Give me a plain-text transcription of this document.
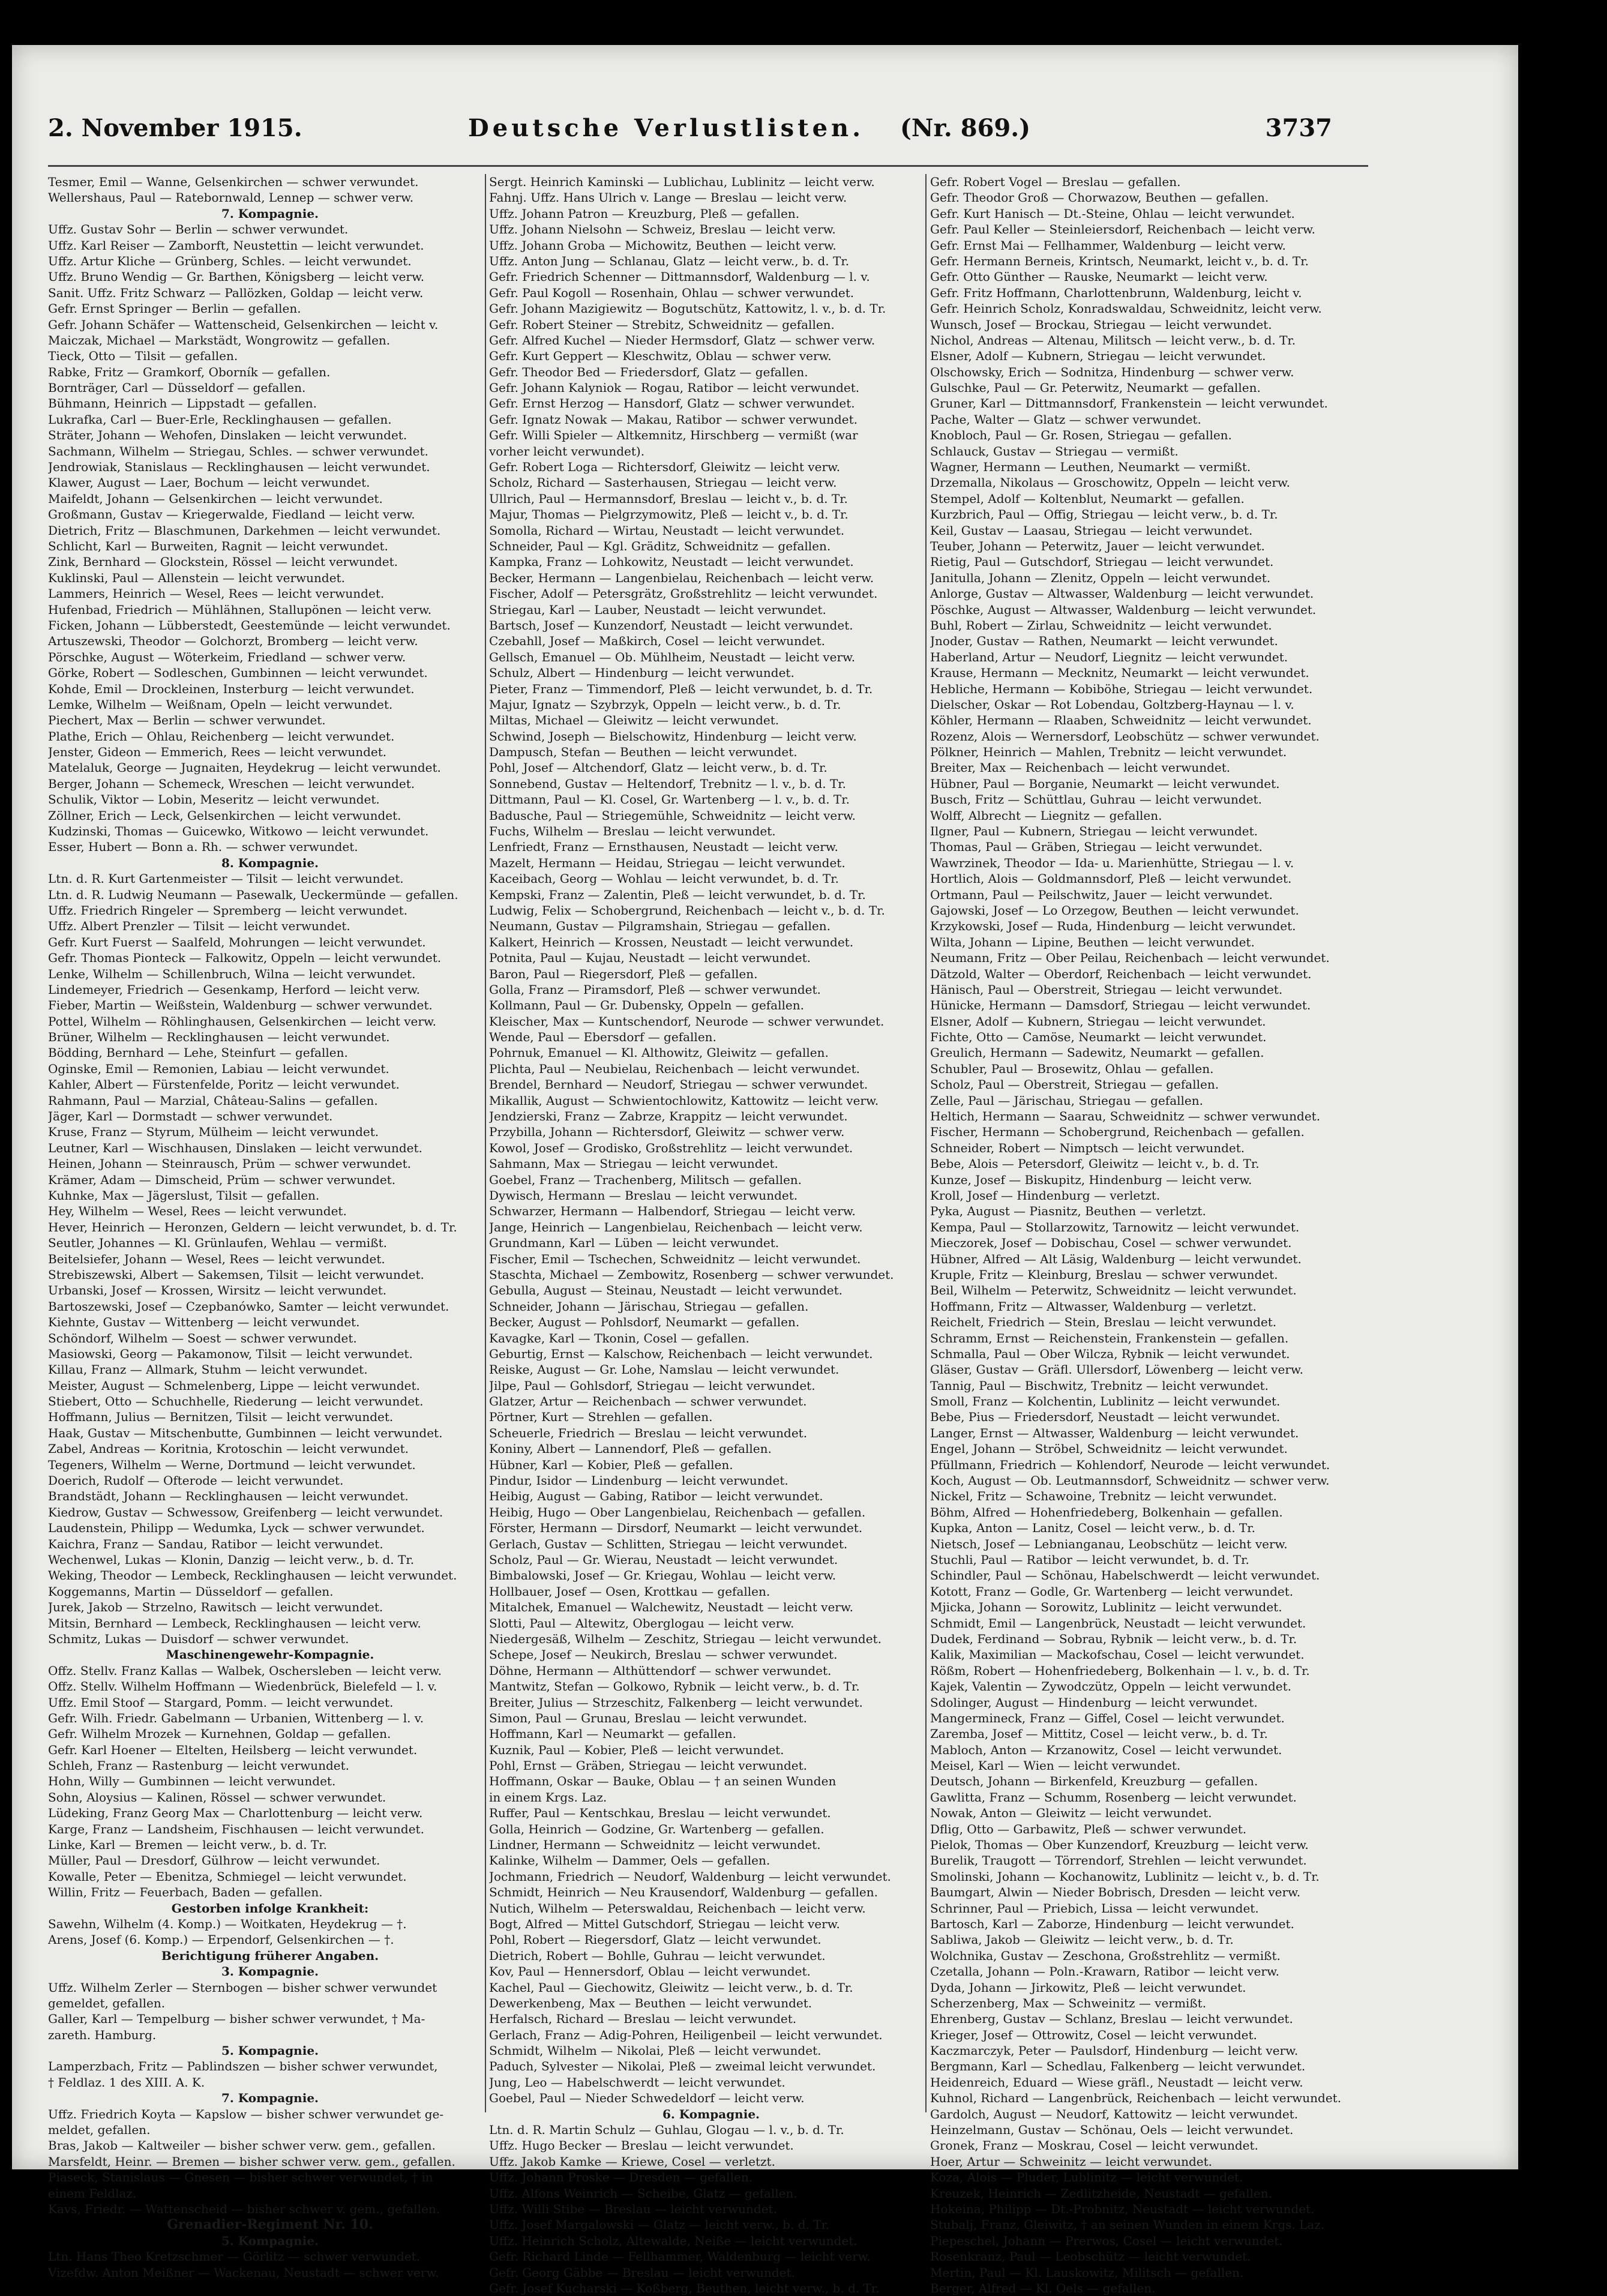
2. November 1915.	Deutsche Verlustlisten. (Nr. 869.)	3737
Tesmer, Emil — Wanne, Gelsenkirchen — schwer verwundet.
Wellershaus, Paul — Ratebornwald, Lennep — schwer verw.
7. Kompagnie.
Uffz. Gustav Sohr — Berlin — schwer verwundet.
Uffz. Karl Reiser — Zamborft, Neustettin — leicht verwundet.
Uffz. Artur Kliche — Grünberg, Schles. — leicht verwundet.
Uffz. Bruno Wendig — Gr. Barthen, Königsberg — leicht verw.
Sanit. Uffz. Fritz Schwarz — Pallözken, Goldap — leicht verw.
Gefr. Ernst Springer — Berlin — gefallen.
Gefr. Johann Schäfer — Wattenscheid, Gelsenkirchen — leicht v.
Maiczak, Michael — Markstädt, Wongrowitz — gefallen.
Tieck, Otto — Tilsit — gefallen.
Rabke, Fritz — Gramkorf, Oborník — gefallen.
Bornträger, Carl — Düsseldorf — gefallen.
Bühmann, Heinrich — Lippstadt — gefallen.
Lukrafka, Carl — Buer-Erle, Recklinghausen — gefallen.
Sträter, Johann — Wehofen, Dinslaken — leicht verwundet.
Sachmann, Wilhelm — Striegau, Schles. — schwer verwundet.
Jendrowiak, Stanislaus — Recklinghausen — leicht verwundet.
Klawer, August — Laer, Bochum — leicht verwundet.
Maifeldt, Johann — Gelsenkirchen — leicht verwundet.
Großmann, Gustav — Kriegerwalde, Fiedland — leicht verw.
Dietrich, Fritz — Blaschmunen, Darkehmen — leicht verwundet.
Schlicht, Karl — Burweiten, Ragnit — leicht verwundet.
Zink, Bernhard — Glockstein, Rössel — leicht verwundet.
Kuklinski, Paul — Allenstein — leicht verwundet.
Lammers, Heinrich — Wesel, Rees — leicht verwundet.
Hufenbad, Friedrich — Mühlähnen, Stallupönen — leicht verw.
Ficken, Johann — Lübberstedt, Geestemünde — leicht verwundet.
Artuszewski, Theodor — Golchorzt, Bromberg — leicht verw.
Pörschke, August — Wöterkeim, Friedland — schwer verw.
Görke, Robert — Sodleschen, Gumbinnen — leicht verwundet.
Kohde, Emil — Drockleinen, Insterburg — leicht verwundet.
Lemke, Wilhelm — Weißnam, Opeln — leicht verwundet.
Piechert, Max — Berlin — schwer verwundet.
Plathe, Erich — Ohlau, Reichenberg — leicht verwundet.
Jenster, Gideon — Emmerich, Rees — leicht verwundet.
Matelaluk, George — Jugnaiten, Heydekrug — leicht verwundet.
Berger, Johann — Schemeck, Wreschen — leicht verwundet.
Schulik, Viktor — Lobin, Meseritz — leicht verwundet.
Zöllner, Erich — Leck, Gelsenkirchen — leicht verwundet.
Kudzinski, Thomas — Guicewko, Witkowo — leicht verwundet.
Esser, Hubert — Bonn a. Rh. — schwer verwundet.
8. Kompagnie.
Ltn. d. R. Kurt Gartenmeister — Tilsit — leicht verwundet.
Ltn. d. R. Ludwig Neumann — Pasewalk, Ueckermünde — gefallen.
Uffz. Friedrich Ringeler — Spremberg — leicht verwundet.
Uffz. Albert Prenzler — Tilsit — leicht verwundet.
Gefr. Kurt Fuerst — Saalfeld, Mohrungen — leicht verwundet.
Gefr. Thomas Pionteck — Falkowitz, Oppeln — leicht verwundet.
Lenke, Wilhelm — Schillenbruch, Wilna — leicht verwundet.
Lindemeyer, Friedrich — Gesenkamp, Herford — leicht verw.
Fieber, Martin — Weißstein, Waldenburg — schwer verwundet.
Pottel, Wilhelm — Röhlinghausen, Gelsenkirchen — leicht verw.
Brüner, Wilhelm — Recklinghausen — leicht verwundet.
Bödding, Bernhard — Lehe, Steinfurt — gefallen.
Oginske, Emil — Remonien, Labiau — leicht verwundet.
Kahler, Albert — Fürstenfelde, Poritz — leicht verwundet.
Rahmann, Paul — Marzial, Château-Salins — gefallen.
Jäger, Karl — Dormstadt — schwer verwundet.
Kruse, Franz — Styrum, Mülheim — leicht verwundet.
Leutner, Karl — Wischhausen, Dinslaken — leicht verwundet.
Heinen, Johann — Steinrausch, Prüm — schwer verwundet.
Krämer, Adam — Dimscheid, Prüm — schwer verwundet.
Kuhnke, Max — Jägerslust, Tilsit — gefallen.
Hey, Wilhelm — Wesel, Rees — leicht verwundet.
Hever, Heinrich — Heronzen, Geldern — leicht verwundet, b. d. Tr.
Seutler, Johannes — Kl. Grünlaufen, Wehlau — vermißt.
Beitelsiefer, Johann — Wesel, Rees — leicht verwundet.
Strebiszewski, Albert — Sakemsen, Tilsit — leicht verwundet.
Urbanski, Josef — Krossen, Wirsitz — leicht verwundet.
Bartoszewski, Josef — Czepbanówko, Samter — leicht verwundet.
Kiehnte, Gustav — Wittenberg — leicht verwundet.
Schöndorf, Wilhelm — Soest — schwer verwundet.
Masiowski, Georg — Pakamonow, Tilsit — leicht verwundet.
Killau, Franz — Allmark, Stuhm — leicht verwundet.
Meister, August — Schmelenberg, Lippe — leicht verwundet.
Stiebert, Otto — Schuchhelle, Riederung — leicht verwundet.
Hoffmann, Julius — Bernitzen, Tilsit — leicht verwundet.
Haak, Gustav — Mitschenbutte, Gumbinnen — leicht verwundet.
Zabel, Andreas — Koritnia, Krotoschin — leicht verwundet.
Tegeners, Wilhelm — Werne, Dortmund — leicht verwundet.
Doerich, Rudolf — Ofterode — leicht verwundet.
Brandstädt, Johann — Recklinghausen — leicht verwundet.
Kiedrow, Gustav — Schwessow, Greifenberg — leicht verwundet.
Laudenstein, Philipp — Wedumka, Lyck — schwer verwundet.
Kaichra, Franz — Sandau, Ratibor — leicht verwundet.
Wechenwel, Lukas — Klonin, Danzig — leicht verw., b. d. Tr.
Weking, Theodor — Lembeck, Recklinghausen — leicht verwundet.
Koggemanns, Martin — Düsseldorf — gefallen.
Jurek, Jakob — Strzelno, Rawitsch — leicht verwundet.
Mitsin, Bernhard — Lembeck, Recklinghausen — leicht verw.
Schmitz, Lukas — Duisdorf — schwer verwundet.
Maschinengewehr-Kompagnie.
Offz. Stellv. Franz Kallas — Walbek, Oschersleben — leicht verw.
Offz. Stellv. Wilhelm Hoffmann — Wiedenbrück, Bielefeld — l. v.
Uffz. Emil Stoof — Stargard, Pomm. — leicht verwundet.
Gefr. Wilh. Friedr. Gabelmann — Urbanien, Wittenberg — l. v.
Gefr. Wilhelm Mrozek — Kurnehnen, Goldap — gefallen.
Gefr. Karl Hoener — Eltelten, Heilsberg — leicht verwundet.
Schleh, Franz — Rastenburg — leicht verwundet.
Hohn, Willy — Gumbinnen — leicht verwundet.
Sohn, Aloysius — Kalinen, Rössel — schwer verwundet.
Lüdeking, Franz Georg Max — Charlottenburg — leicht verw.
Karge, Franz — Landsheim, Fischhausen — leicht verwundet.
Linke, Karl — Bremen — leicht verw., b. d. Tr.
Müller, Paul — Dresdorf, Gülhrow — leicht verwundet.
Kowalle, Peter — Ebenitza, Schmiegel — leicht verwundet.
Willin, Fritz — Feuerbach, Baden — gefallen.
Gestorben infolge Krankheit:
Sawehn, Wilhelm (4. Komp.) — Woitkaten, Heydekrug — †.
Arens, Josef (6. Komp.) — Erpendorf, Gelsenkirchen — †.
Berichtigung früherer Angaben.
3. Kompagnie.
Uffz. Wilhelm Zerler — Sternbogen — bisher schwer verwundet
gemeldet, gefallen.
Galler, Karl — Tempelburg — bisher schwer verwundet, † Ma-
zareth. Hamburg.
5. Kompagnie.
Lamperzbach, Fritz — Pablindszen — bisher schwer verwundet,
† Feldlaz. 1 des XIII. A. K.
7. Kompagnie.
Uffz. Friedrich Koyta — Kapslow — bisher schwer verwundet ge-
meldet, gefallen.
Bras, Jakob — Kaltweiler — bisher schwer verw. gem., gefallen.
Marsfeldt, Heinr. — Bremen — bisher schwer verw. gem., gefallen.
Piaseck, Stanislaus — Gnesen — bisher schwer verwundet, † in
einem Feldlaz.
Kavs, Friedr. — Wattenscheid — bisher schwer v. gem., gefallen.
Grenadier-Regiment Nr. 10.
5. Kompagnie.
Ltn. Hans Theo Kretzschmer — Görlitz — schwer verwundet.
Vizefdw. Anton Meißner — Wackenau, Neustadt — schwer verw.
Sergt. Heinrich Kaminski — Lublichau, Lublinitz — leicht verw.
Fahnj. Uffz. Hans Ulrich v. Lange — Breslau — leicht verw.
Uffz. Johann Patron — Kreuzburg, Pleß — gefallen.
Uffz. Johann Nielsohn — Schweiz, Breslau — leicht verw.
Uffz. Johann Groba — Michowitz, Beuthen — leicht verw.
Uffz. Anton Jung — Schlanau, Glatz — leicht verw., b. d. Tr.
Gefr. Friedrich Schenner — Dittmannsdorf, Waldenburg — l. v.
Gefr. Paul Kogoll — Rosenhain, Ohlau — schwer verwundet.
Gefr. Johann Mazigiewitz — Bogutschütz, Kattowitz, l. v., b. d. Tr.
Gefr. Robert Steiner — Strebitz, Schweidnitz — gefallen.
Gefr. Alfred Kuchel — Nieder Hermsdorf, Glatz — schwer verw.
Gefr. Kurt Geppert — Kleschwitz, Oblau — schwer verw.
Gefr. Theodor Bed — Friedersdorf, Glatz — gefallen.
Gefr. Johann Kalyniok — Rogau, Ratibor — leicht verwundet.
Gefr. Ernst Herzog — Hansdorf, Glatz — schwer verwundet.
Gefr. Ignatz Nowak — Makau, Ratibor — schwer verwundet.
Gefr. Willi Spieler — Altkemnitz, Hirschberg — vermißt (war
vorher leicht verwundet).
Gefr. Robert Loga — Richtersdorf, Gleiwitz — leicht verw.
Scholz, Richard — Sasterhausen, Striegau — leicht verw.
Ullrich, Paul — Hermannsdorf, Breslau — leicht v., b. d. Tr.
Majur, Thomas — Pielgrzymowitz, Pleß — leicht v., b. d. Tr.
Somolla, Richard — Wirtau, Neustadt — leicht verwundet.
Schneider, Paul — Kgl. Gräditz, Schweidnitz — gefallen.
Kampka, Franz — Lohkowitz, Neustadt — leicht verwundet.
Becker, Hermann — Langenbielau, Reichenbach — leicht verw.
Fischer, Adolf — Petersgrätz, Großstrehlitz — leicht verwundet.
Striegau, Karl — Lauber, Neustadt — leicht verwundet.
Bartsch, Josef — Kunzendorf, Neustadt — leicht verwundet.
Czebahll, Josef — Maßkirch, Cosel — leicht verwundet.
Gellsch, Emanuel — Ob. Mühlheim, Neustadt — leicht verw.
Schulz, Albert — Hindenburg — leicht verwundet.
Pieter, Franz — Timmendorf, Pleß — leicht verwundet, b. d. Tr.
Majur, Ignatz — Szybrzyk, Oppeln — leicht verw., b. d. Tr.
Miltas, Michael — Gleiwitz — leicht verwundet.
Schwind, Joseph — Bielschowitz, Hindenburg — leicht verw.
Dampusch, Stefan — Beuthen — leicht verwundet.
Pohl, Josef — Altchendorf, Glatz — leicht verw., b. d. Tr.
Sonnebend, Gustav — Heltendorf, Trebnitz — l. v., b. d. Tr.
Dittmann, Paul — Kl. Cosel, Gr. Wartenberg — l. v., b. d. Tr.
Badusche, Paul — Striegemühle, Schweidnitz — leicht verw.
Fuchs, Wilhelm — Breslau — leicht verwundet.
Lenfriedt, Franz — Ernsthausen, Neustadt — leicht verw.
Mazelt, Hermann — Heidau, Striegau — leicht verwundet.
Kaceibach, Georg — Wohlau — leicht verwundet, b. d. Tr.
Kempski, Franz — Zalentin, Pleß — leicht verwundet, b. d. Tr.
Ludwig, Felix — Schobergrund, Reichenbach — leicht v., b. d. Tr.
Neumann, Gustav — Pilgramshain, Striegau — gefallen.
Kalkert, Heinrich — Krossen, Neustadt — leicht verwundet.
Potnita, Paul — Kujau, Neustadt — leicht verwundet.
Baron, Paul — Riegersdorf, Pleß — gefallen.
Golla, Franz — Piramsdorf, Pleß — schwer verwundet.
Kollmann, Paul — Gr. Dubensky, Oppeln — gefallen.
Kleischer, Max — Kuntschendorf, Neurode — schwer verwundet.
Wende, Paul — Ebersdorf — gefallen.
Pohrnuk, Emanuel — Kl. Althowitz, Gleiwitz — gefallen.
Plichta, Paul — Neubielau, Reichenbach — leicht verwundet.
Brendel, Bernhard — Neudorf, Striegau — schwer verwundet.
Mikallik, August — Schwientochlowitz, Kattowitz — leicht verw.
Jendzierski, Franz — Zabrze, Krappitz — leicht verwundet.
Przybilla, Johann — Richtersdorf, Gleiwitz — schwer verw.
Kowol, Josef — Grodisko, Großstrehlitz — leicht verwundet.
Sahmann, Max — Striegau — leicht verwundet.
Goebel, Franz — Trachenberg, Militsch — gefallen.
Dywisch, Hermann — Breslau — leicht verwundet.
Schwarzer, Hermann — Halbendorf, Striegau — leicht verw.
Jange, Heinrich — Langenbielau, Reichenbach — leicht verw.
Grundmann, Karl — Lüben — leicht verwundet.
Fischer, Emil — Tschechen, Schweidnitz — leicht verwundet.
Staschta, Michael — Zembowitz, Rosenberg — schwer verwundet.
Gebulla, August — Steinau, Neustadt — leicht verwundet.
Schneider, Johann — Järischau, Striegau — gefallen.
Becker, August — Pohlsdorf, Neumarkt — gefallen.
Kavagke, Karl — Tkonin, Cosel — gefallen.
Geburtig, Ernst — Kalschow, Reichenbach — leicht verwundet.
Reiske, August — Gr. Lohe, Namslau — leicht verwundet.
Jilpe, Paul — Gohlsdorf, Striegau — leicht verwundet.
Glatzer, Artur — Reichenbach — schwer verwundet.
Pörtner, Kurt — Strehlen — gefallen.
Scheuerle, Friedrich — Breslau — leicht verwundet.
Koniny, Albert — Lannendorf, Pleß — gefallen.
Hübner, Karl — Kobier, Pleß — gefallen.
Pindur, Isidor — Lindenburg — leicht verwundet.
Heibig, August — Gabing, Ratibor — leicht verwundet.
Heibig, Hugo — Ober Langenbielau, Reichenbach — gefallen.
Förster, Hermann — Dirsdorf, Neumarkt — leicht verwundet.
Gerlach, Gustav — Schlitten, Striegau — leicht verwundet.
Scholz, Paul — Gr. Wierau, Neustadt — leicht verwundet.
Bimbalowski, Josef — Gr. Kriegau, Wohlau — leicht verw.
Hollbauer, Josef — Osen, Krottkau — gefallen.
Mitalchek, Emanuel — Walchewitz, Neustadt — leicht verw.
Slotti, Paul — Altewitz, Oberglogau — leicht verw.
Niedergesäß, Wilhelm — Zeschitz, Striegau — leicht verwundet.
Schepe, Josef — Neukirch, Breslau — schwer verwundet.
Döhne, Hermann — Althüttendorf — schwer verwundet.
Mantwitz, Stefan — Golkowo, Rybnik — leicht verw., b. d. Tr.
Breiter, Julius — Strzeschitz, Falkenberg — leicht verwundet.
Simon, Paul — Grunau, Breslau — leicht verwundet.
Hoffmann, Karl — Neumarkt — gefallen.
Kuznik, Paul — Kobier, Pleß — leicht verwundet.
Pohl, Ernst — Gräben, Striegau — leicht verwundet.
Hoffmann, Oskar — Bauke, Oblau — † an seinen Wunden
in einem Krgs. Laz.
Ruffer, Paul — Kentschkau, Breslau — leicht verwundet.
Golla, Heinrich — Godzine, Gr. Wartenberg — gefallen.
Lindner, Hermann — Schweidnitz — leicht verwundet.
Kalinke, Wilhelm — Dammer, Oels — gefallen.
Jochmann, Friedrich — Neudorf, Waldenburg — leicht verwundet.
Schmidt, Heinrich — Neu Krausendorf, Waldenburg — gefallen.
Nutich, Wilhelm — Peterswaldau, Reichenbach — leicht verw.
Bogt, Alfred — Mittel Gutschdorf, Striegau — leicht verw.
Pohl, Robert — Riegersdorf, Glatz — leicht verwundet.
Dietrich, Robert — Bohlle, Guhrau — leicht verwundet.
Kov, Paul — Hennersdorf, Oblau — leicht verwundet.
Kachel, Paul — Giechowitz, Gleiwitz — leicht verw., b. d. Tr.
Dewerkenbeng, Max — Beuthen — leicht verwundet.
Herfalsch, Richard — Breslau — leicht verwundet.
Gerlach, Franz — Adig-Pohren, Heiligenbeil — leicht verwundet.
Schmidt, Wilhelm — Nikolai, Pleß — leicht verwundet.
Paduch, Sylvester — Nikolai, Pleß — zweimal leicht verwundet.
Jung, Leo — Habelschwerdt — leicht verwundet.
Goebel, Paul — Nieder Schwedeldorf — leicht verw.
6. Kompagnie.
Ltn. d. R. Martin Schulz — Guhlau, Glogau — l. v., b. d. Tr.
Uffz. Hugo Becker — Breslau — leicht verwundet.
Uffz. Jakob Kamke — Kriewe, Cosel — verletzt.
Uffz. Johann Proske — Dresden — gefallen.
Uffz. Alfons Weinrich — Scheibe, Glatz — gefallen.
Uffz. Willi Stibe — Breslau — leicht verwundet.
Uffz. Josef Margalowski — Glatz — leicht verw., b. d. Tr.
Uffz. Heinrich Scholz, Altewalde, Neiße — leicht verwundet.
Gefr. Richard Linde — Fellhammer, Waldenburg — leicht verw.
Gefr. Georg Gäbbe — Breslau — leicht verwundet.
Gefr. Josef Kucharski — Koßberg, Beuthen, leicht verw., b. d. Tr.
Gefr. Robert Vogel — Breslau — gefallen.
Gefr. Theodor Groß — Chorwazow, Beuthen — gefallen.
Gefr. Kurt Hanisch — Dt.-Steine, Ohlau — leicht verwundet.
Gefr. Paul Keller — Steinleiersdorf, Reichenbach — leicht verw.
Gefr. Ernst Mai — Fellhammer, Waldenburg — leicht verw.
Gefr. Hermann Berneis, Krintsch, Neumarkt, leicht v., b. d. Tr.
Gefr. Otto Günther — Rauske, Neumarkt — leicht verw.
Gefr. Fritz Hoffmann, Charlottenbrunn, Waldenburg, leicht v.
Gefr. Heinrich Scholz, Konradswaldau, Schweidnitz, leicht verw.
Wunsch, Josef — Brockau, Striegau — leicht verwundet.
Nichol, Andreas — Altenau, Militsch — leicht verw., b. d. Tr.
Elsner, Adolf — Kubnern, Striegau — leicht verwundet.
Olschowsky, Erich — Sodnitza, Hindenburg — schwer verw.
Gulschke, Paul — Gr. Peterwitz, Neumarkt — gefallen.
Gruner, Karl — Dittmannsdorf, Frankenstein — leicht verwundet.
Pache, Walter — Glatz — schwer verwundet.
Knobloch, Paul — Gr. Rosen, Striegau — gefallen.
Schlauck, Gustav — Striegau — vermißt.
Wagner, Hermann — Leuthen, Neumarkt — vermißt.
Drzemalla, Nikolaus — Groschowitz, Oppeln — leicht verw.
Stempel, Adolf — Koltenblut, Neumarkt — gefallen.
Kurzbrich, Paul — Offig, Striegau — leicht verw., b. d. Tr.
Keil, Gustav — Laasau, Striegau — leicht verwundet.
Teuber, Johann — Peterwitz, Jauer — leicht verwundet.
Rietig, Paul — Gutschdorf, Striegau — leicht verwundet.
Janitulla, Johann — Zlenitz, Oppeln — leicht verwundet.
Anlorge, Gustav — Altwasser, Waldenburg — leicht verwundet.
Pöschke, August — Altwasser, Waldenburg — leicht verwundet.
Buhl, Robert — Zirlau, Schweidnitz — leicht verwundet.
Jnoder, Gustav — Rathen, Neumarkt — leicht verwundet.
Haberland, Artur — Neudorf, Liegnitz — leicht verwundet.
Krause, Hermann — Mecknitz, Neumarkt — leicht verwundet.
Hebliche, Hermann — Kobiböhe, Striegau — leicht verwundet.
Dielscher, Oskar — Rot Lobendau, Goltzberg-Haynau — l. v.
Köhler, Hermann — Rlaaben, Schweidnitz — leicht verwundet.
Rozenz, Alois — Wernersdorf, Leobschütz — schwer verwundet.
Pölkner, Heinrich — Mahlen, Trebnitz — leicht verwundet.
Breiter, Max — Reichenbach — leicht verwundet.
Hübner, Paul — Borganie, Neumarkt — leicht verwundet.
Busch, Fritz — Schüttlau, Guhrau — leicht verwundet.
Wolff, Albrecht — Liegnitz — gefallen.
Ilgner, Paul — Kubnern, Striegau — leicht verwundet.
Thomas, Paul — Gräben, Striegau — leicht verwundet.
Wawrzinek, Theodor — Ida- u. Marienhütte, Striegau — l. v.
Hortlich, Alois — Goldmannsdorf, Pleß — leicht verwundet.
Ortmann, Paul — Peilschwitz, Jauer — leicht verwundet.
Gajowski, Josef — Lo Orzegow, Beuthen — leicht verwundet.
Krzykowski, Josef — Ruda, Hindenburg — leicht verwundet.
Wilta, Johann — Lipine, Beuthen — leicht verwundet.
Neumann, Fritz — Ober Peilau, Reichenbach — leicht verwundet.
Dätzold, Walter — Oberdorf, Reichenbach — leicht verwundet.
Hänisch, Paul — Oberstreit, Striegau — leicht verwundet.
Hünicke, Hermann — Damsdorf, Striegau — leicht verwundet.
Elsner, Adolf — Kubnern, Striegau — leicht verwundet.
Fichte, Otto — Camöse, Neumarkt — leicht verwundet.
Greulich, Hermann — Sadewitz, Neumarkt — gefallen.
Schubler, Paul — Brosewitz, Ohlau — gefallen.
Scholz, Paul — Oberstreit, Striegau — gefallen.
Zelle, Paul — Järischau, Striegau — gefallen.
Heltich, Hermann — Saarau, Schweidnitz — schwer verwundet.
Fischer, Hermann — Schobergrund, Reichenbach — gefallen.
Schneider, Robert — Nimptsch — leicht verwundet.
Bebe, Alois — Petersdorf, Gleiwitz — leicht v., b. d. Tr.
Kunze, Josef — Biskupitz, Hindenburg — leicht verw.
Kroll, Josef — Hindenburg — verletzt.
Pyka, August — Piasnitz, Beuthen — verletzt.
Kempa, Paul — Stollarzowitz, Tarnowitz — leicht verwundet.
Mieczorek, Josef — Dobischau, Cosel — schwer verwundet.
Hübner, Alfred — Alt Läsig, Waldenburg — leicht verwundet.
Kruple, Fritz — Kleinburg, Breslau — schwer verwundet.
Beil, Wilhelm — Peterwitz, Schweidnitz — leicht verwundet.
Hoffmann, Fritz — Altwasser, Waldenburg — verletzt.
Reichelt, Friedrich — Stein, Breslau — leicht verwundet.
Schramm, Ernst — Reichenstein, Frankenstein — gefallen.
Schmalla, Paul — Ober Wilcza, Rybnik — leicht verwundet.
Gläser, Gustav — Gräfl. Ullersdorf, Löwenberg — leicht verw.
Tannig, Paul — Bischwitz, Trebnitz — leicht verwundet.
Smoll, Franz — Kolchentin, Lublinitz — leicht verwundet.
Bebe, Pius — Friedersdorf, Neustadt — leicht verwundet.
Langer, Ernst — Altwasser, Waldenburg — leicht verwundet.
Engel, Johann — Ströbel, Schweidnitz — leicht verwundet.
Pfüllmann, Friedrich — Kohlendorf, Neurode — leicht verwundet.
Koch, August — Ob. Leutmannsdorf, Schweidnitz — schwer verw.
Nickel, Fritz — Schawoine, Trebnitz — leicht verwundet.
Böhm, Alfred — Hohenfriedeberg, Bolkenhain — gefallen.
Kupka, Anton — Lanitz, Cosel — leicht verw., b. d. Tr.
Nietsch, Josef — Lebnianganau, Leobschütz — leicht verw.
Stuchli, Paul — Ratibor — leicht verwundet, b. d. Tr.
Schindler, Paul — Schönau, Habelschwerdt — leicht verwundet.
Kotott, Franz — Godle, Gr. Wartenberg — leicht verwundet.
Mjicka, Johann — Sorowitz, Lublinitz — leicht verwundet.
Schmidt, Emil — Langenbrück, Neustadt — leicht verwundet.
Dudek, Ferdinand — Sobrau, Rybnik — leicht verw., b. d. Tr.
Kalik, Maximilian — Mackofschau, Cosel — leicht verwundet.
Rößm, Robert — Hohenfriedeberg, Bolkenhain — l. v., b. d. Tr.
Kajek, Valentin — Zywodczütz, Oppeln — leicht verwundet.
Sdolinger, August — Hindenburg — leicht verwundet.
Mangermineck, Franz — Giffel, Cosel — leicht verwundet.
Zaremba, Josef — Mittitz, Cosel — leicht verw., b. d. Tr.
Mabloch, Anton — Krzanowitz, Cosel — leicht verwundet.
Meisel, Karl — Wien — leicht verwundet.
Deutsch, Johann — Birkenfeld, Kreuzburg — gefallen.
Gawlitta, Franz — Schumm, Rosenberg — leicht verwundet.
Nowak, Anton — Gleiwitz — leicht verwundet.
Dflig, Otto — Garbawitz, Pleß — schwer verwundet.
Pielok, Thomas — Ober Kunzendorf, Kreuzburg — leicht verw.
Burelik, Traugott — Törrendorf, Strehlen — leicht verwundet.
Smolinski, Johann — Kochanowitz, Lublinitz — leicht v., b. d. Tr.
Baumgart, Alwin — Nieder Bobrisch, Dresden — leicht verw.
Schrinner, Paul — Priebich, Lissa — leicht verwundet.
Bartosch, Karl — Zaborze, Hindenburg — leicht verwundet.
Sabliwa, Jakob — Gleiwitz — leicht verw., b. d. Tr.
Wolchnika, Gustav — Zeschona, Großstrehlitz — vermißt.
Czetalla, Johann — Poln.-Krawarn, Ratibor — leicht verw.
Dyda, Johann — Jirkowitz, Pleß — leicht verwundet.
Scherzenberg, Max — Schweinitz — vermißt.
Ehrenberg, Gustav — Schlanz, Breslau — leicht verwundet.
Krieger, Josef — Ottrowitz, Cosel — leicht verwundet.
Kaczmarczyk, Peter — Paulsdorf, Hindenburg — leicht verw.
Bergmann, Karl — Schedlau, Falkenberg — leicht verwundet.
Heidenreich, Eduard — Wiese gräfl., Neustadt — leicht verw.
Kuhnol, Richard — Langenbrück, Reichenbach — leicht verwundet.
Gardolch, August — Neudorf, Kattowitz — leicht verwundet.
Heinzelmann, Gustav — Schönau, Oels — leicht verwundet.
Gronek, Franz — Moskrau, Cosel — leicht verwundet.
Hoer, Artur — Schweinitz — leicht verwundet.
Koza, Alois — Pluder, Lublinitz — leicht verwundet.
Kreuzek, Heinrich — Zedlitzheide, Neustadt — gefallen.
Hokeina, Philipp — Dt.-Probnitz, Neustadt — leicht verwundet.
Stubalj, Franz, Gleiwitz, † an seinen Wunden in einem Krgs. Laz.
Piepeschel, Johann — Prerwos, Cosel — leicht verwundet.
Rosenkranz, Paul — Leobschütz — leicht verwundet.
Mertin, Paul — Kl. Lauskowitz, Militsch — gefallen.
Berger, Alfred — Kl. Oels — gefallen.
